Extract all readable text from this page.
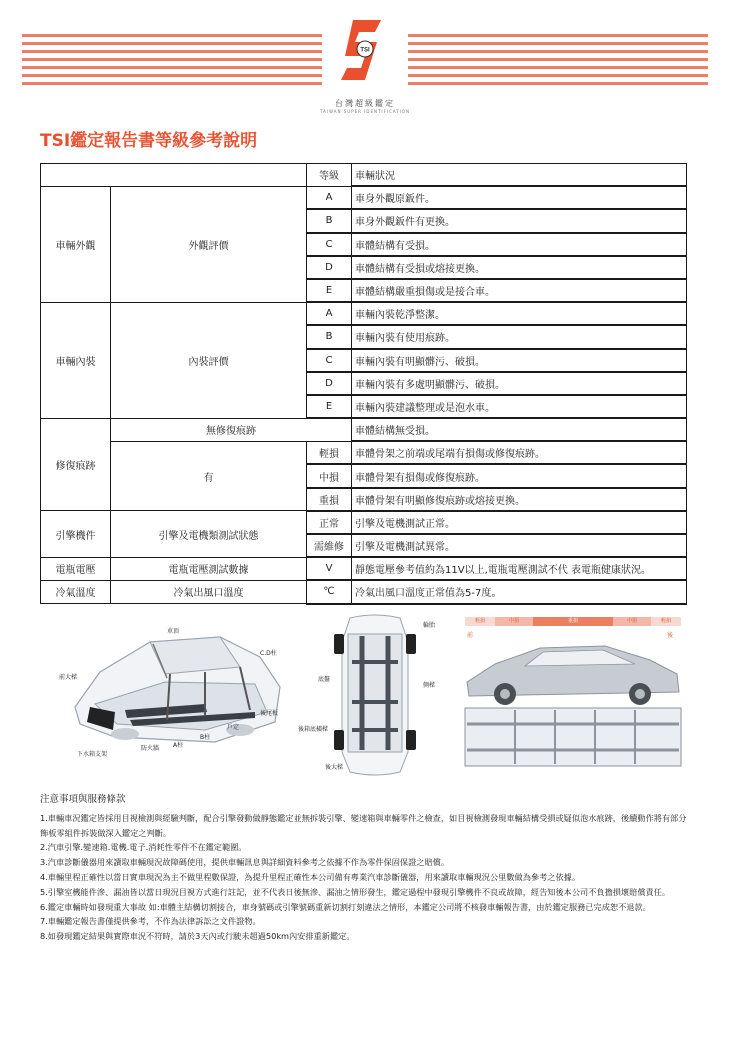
TSI
台灣超級鑑定
TAIWAN SUPER IDENTIFICATION
TSI鑑定報告書等級參考說明
		等級	車輛狀況
車輛外觀	外觀評價	A	車身外觀原鈑件。
		B	車身外觀鈑件有更換。
		C	車體結構有受損。
		D	車體結構有受損或熔接更換。
		E	車體結構嚴重損傷或是接合車。
車輛內裝	內裝評價	A	車輛內裝乾淨整潔。
		B	車輛內裝有使用痕跡。
		C	車輛內裝有明顯髒污、破損。
		D	車輛內裝有多處明顯髒污、破損。
		E	車輛內裝建議整理或是泡水車。
修復痕跡	無修復痕跡		車體結構無受損。
	有	輕損	車體骨架之前端或尾端有損傷或修復痕跡。
		中損	車體骨架有損傷或修復痕跡。
		重損	車體骨架有明顯修復痕跡或熔接更換。
引擎機件	引擎及電機類測試狀態	正常	引擎及電機測試正常。
		需維修	引擎及電機測試異常。
電瓶電壓	電瓶電壓測試數據	V	靜態電壓參考值約為11V以上,電瓶電壓測試不代 表電瓶健康狀況。
冷氣溫度	冷氣出風口溫度	℃	冷氣出風口溫度正常值為5-7度。
車頂
C.D柱
前大樑
後尾板
戶定
B柱
A柱
防火牆
下水箱支架
輪胎
底盤
側樑
後箱底橫樑
後大樑
輕損	中損	重損	中損	輕損
前	後
注意事項與服務條款

1.車輛車況鑑定皆採用目視檢測與經驗判斷，配合引擎發動做靜態鑑定並無拆裝引擎、變速箱與車輛零件之檢查，如目視檢測發現車輛結構受損或疑似泡水痕跡，後續動作將有部分飾板零組件拆裝做深入鑑定之判斷。

2.汽車引擎.變速箱.電機.電子.消耗性零件不在鑑定範圍。

3.汽車診斷儀器用來讀取車輛現況故障碼使用，提供車輛訊息與詳細資料參考之依據不作為零件保固保證之賠償。

4.車輛里程正確性以當日實車現況為主不做里程數保證，為提升里程正確性本公司備有專業汽車診斷儀器，用來讀取車輛現況公里數做為參考之依據。

5.引擎室機能件滲、漏油皆以當日現況目視方式進行註記，並不代表日後無滲、漏油之情形發生，鑑定過程中發現引擎機件不良或故障，經告知後本公司不負擔損壞賠償責任。

6.鑑定車輛時如發現重大事故 如:車體主結構切割接合，車身號碼或引擎號碼重新切割打刻違法之情形，本鑑定公司將不核發車輛報告書，由於鑑定服務已完成恕不退款。

7.車輛鑑定報告書僅提供參考，不作為法律訴訟之文件證物。

8.如發現鑑定結果與實際車況不符時，請於3天內或行駛未超過50km內安排重新鑑定。
